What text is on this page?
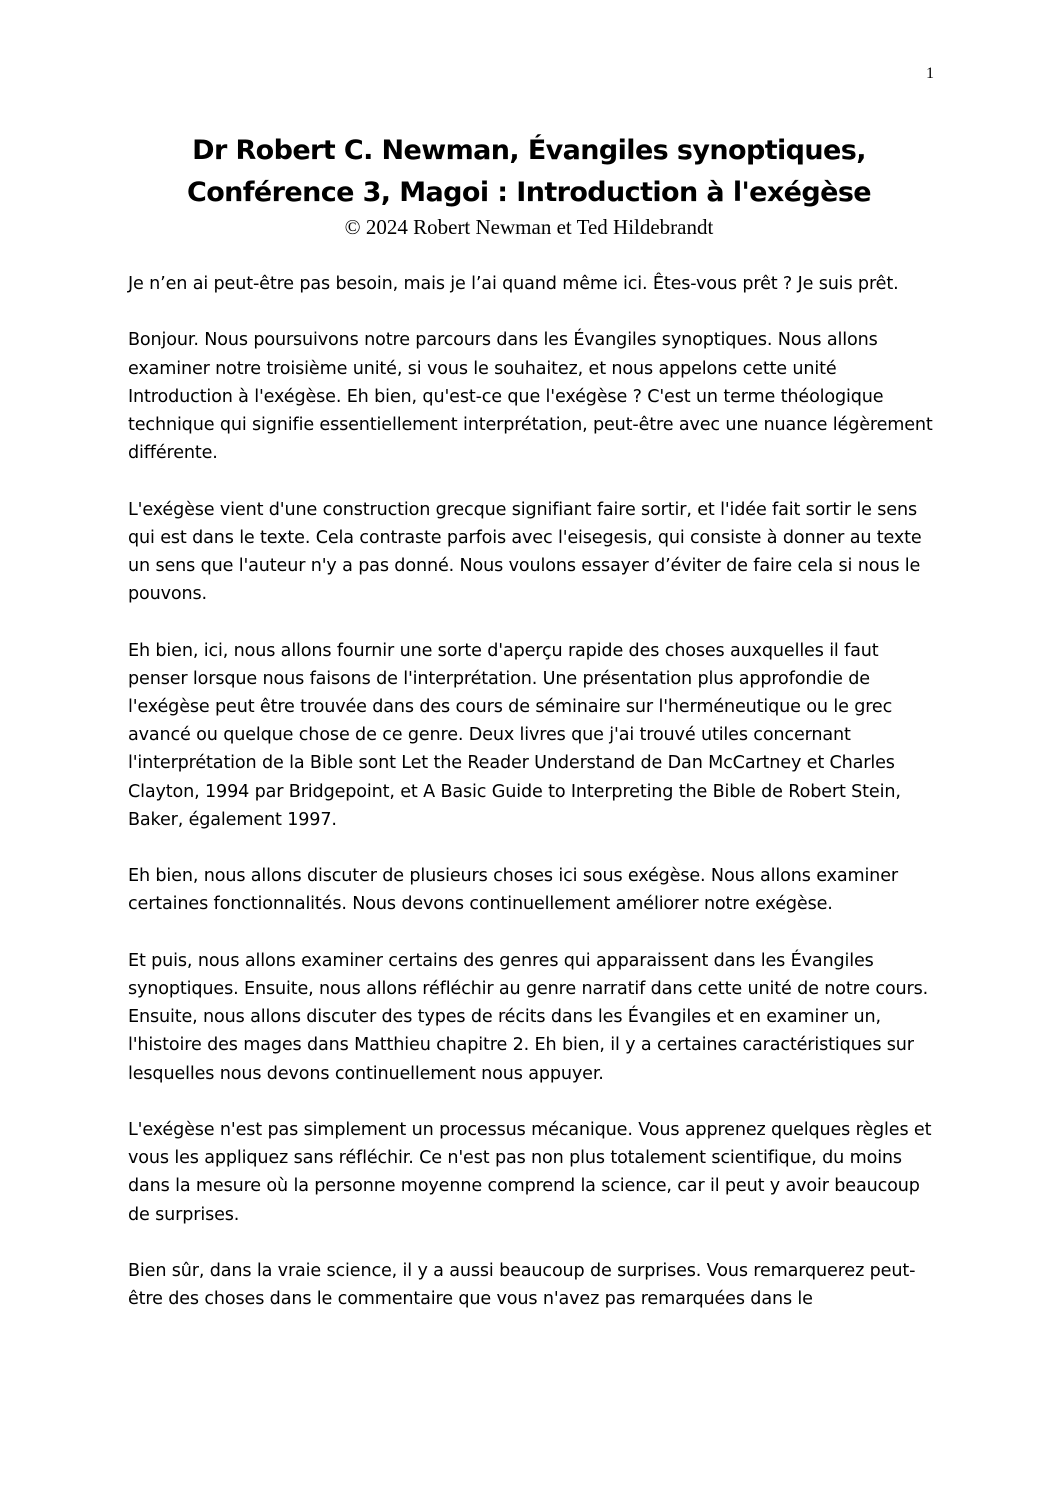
1
Dr Robert C. Newman, Évangiles synoptiques,
Conférence 3, Magoi : Introduction à l'exégèse

© 2024 Robert Newman et Ted Hildebrandt

Je n’en ai peut-être pas besoin, mais je l’ai quand même ici. Êtes-vous prêt ? Je suis prêt.

Bonjour. Nous poursuivons notre parcours dans les Évangiles synoptiques. Nous allons examiner notre troisième unité, si vous le souhaitez, et nous appelons cette unité Introduction à l'exégèse. Eh bien, qu'est-ce que l'exégèse ? C'est un terme théologique technique qui signifie essentiellement interprétation, peut-être avec une nuance légèrement différente.

L'exégèse vient d'une construction grecque signifiant faire sortir, et l'idée fait sortir le sens qui est dans le texte. Cela contraste parfois avec l'eisegesis, qui consiste à donner au texte un sens que l'auteur n'y a pas donné. Nous voulons essayer d’éviter de faire cela si nous le pouvons.

Eh bien, ici, nous allons fournir une sorte d'aperçu rapide des choses auxquelles il faut penser lorsque nous faisons de l'interprétation. Une présentation plus approfondie de l'exégèse peut être trouvée dans des cours de séminaire sur l'herméneutique ou le grec avancé ou quelque chose de ce genre. Deux livres que j'ai trouvé utiles concernant l'interprétation de la Bible sont Let the Reader Understand de Dan McCartney et Charles Clayton, 1994 par Bridgepoint, et A Basic Guide to Interpreting the Bible de Robert Stein, Baker, également 1997.

Eh bien, nous allons discuter de plusieurs choses ici sous exégèse. Nous allons examiner certaines fonctionnalités. Nous devons continuellement améliorer notre exégèse.

Et puis, nous allons examiner certains des genres qui apparaissent dans les Évangiles synoptiques. Ensuite, nous allons réfléchir au genre narratif dans cette unité de notre cours. Ensuite, nous allons discuter des types de récits dans les Évangiles et en examiner un, l'histoire des mages dans Matthieu chapitre 2. Eh bien, il y a certaines caractéristiques sur lesquelles nous devons continuellement nous appuyer.

L'exégèse n'est pas simplement un processus mécanique. Vous apprenez quelques règles et vous les appliquez sans réfléchir. Ce n'est pas non plus totalement scientifique, du moins dans la mesure où la personne moyenne comprend la science, car il peut y avoir beaucoup de surprises.

Bien sûr, dans la vraie science, il y a aussi beaucoup de surprises. Vous remarquerez peut-être des choses dans le commentaire que vous n'avez pas remarquées dans le
